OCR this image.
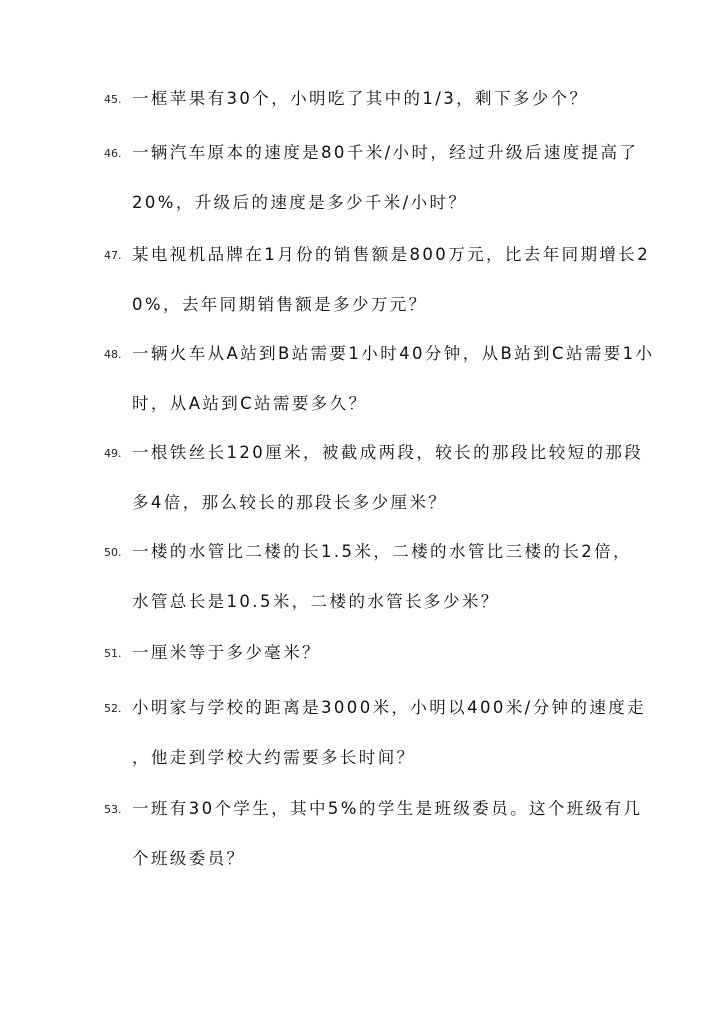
45. 一框苹果有30个，小明吃了其中的1/3，剩下多少个？
46. 一辆汽车原本的速度是80千米/小时，经过升级后速度提高了
20%，升级后的速度是多少千米/小时？
47. 某电视机品牌在1月份的销售额是800万元，比去年同期增长2
0%，去年同期销售额是多少万元？
48. 一辆火车从A站到B站需要1小时40分钟，从B站到C站需要1小
时，从A站到C站需要多久？
49. 一根铁丝长120厘米，被截成两段，较长的那段比较短的那段
多4倍，那么较长的那段长多少厘米？
50. 一楼的水管比二楼的长1.5米，二楼的水管比三楼的长2倍，
水管总长是10.5米，二楼的水管长多少米？
51. 一厘米等于多少毫米？
52. 小明家与学校的距离是3000米，小明以400米/分钟的速度走
，他走到学校大约需要多长时间？
53. 一班有30个学生，其中5%的学生是班级委员。这个班级有几
个班级委员？
